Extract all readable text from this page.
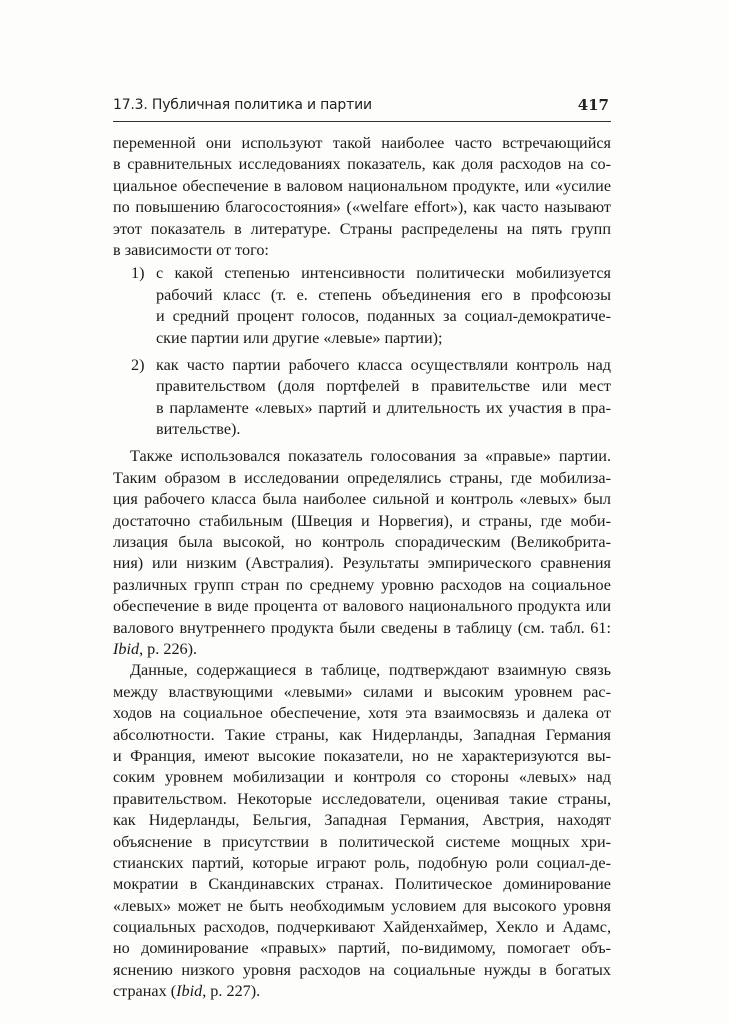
17.3. Публичная политика и партии	417
переменной они используют такой наиболее часто встречающийся
в сравнительных исследованиях показатель, как доля расходов на со-
циальное обеспечение в валовом национальном продукте, или «усилие
по повышению благосостояния» («welfare effort»), как часто называют
этот показатель в литературе. Страны распределены на пять групп
в зависимости от того:
1) с какой степенью интенсивности политически мобилизуется
рабочий класс (т. е. степень объединения его в профсоюзы
и средний процент голосов, поданных за социал-демократиче-
ские партии или другие «левые» партии);
2) как часто партии рабочего класса осуществляли контроль над
правительством (доля портфелей в правительстве или мест
в парламенте «левых» партий и длительность их участия в пра-
вительстве).
Также использовался показатель голосования за «правые» партии.
Таким образом в исследовании определялись страны, где мобилиза-
ция рабочего класса была наиболее сильной и контроль «левых» был
достаточно стабильным (Швеция и Норвегия), и страны, где моби-
лизация была высокой, но контроль спорадическим (Великобрита-
ния) или низким (Австралия). Результаты эмпирического сравнения
различных групп стран по среднему уровню расходов на социальное
обеспечение в виде процента от валового национального продукта или
валового внутреннего продукта были сведены в таблицу (см. табл. 61:
Ibid, p. 226).
Данные, содержащиеся в таблице, подтверждают взаимную связь
между властвующими «левыми» силами и высоким уровнем рас-
ходов на социальное обеспечение, хотя эта взаимосвязь и далека от
абсолютности. Такие страны, как Нидерланды, Западная Германия
и Франция, имеют высокие показатели, но не характеризуются вы-
соким уровнем мобилизации и контроля со стороны «левых» над
правительством. Некоторые исследователи, оценивая такие страны,
как Нидерланды, Бельгия, Западная Германия, Австрия, находят
объяснение в присутствии в политической системе мощных хри-
стианских партий, которые играют роль, подобную роли социал-де-
мократии в Скандинавских странах. Политическое доминирование
«левых» может не быть необходимым условием для высокого уровня
социальных расходов, подчеркивают Хайденхаймер, Хекло и Адамс,
но доминирование «правых» партий, по-видимому, помогает объ-
яснению низкого уровня расходов на социальные нужды в богатых
странах (Ibid, p. 227).
